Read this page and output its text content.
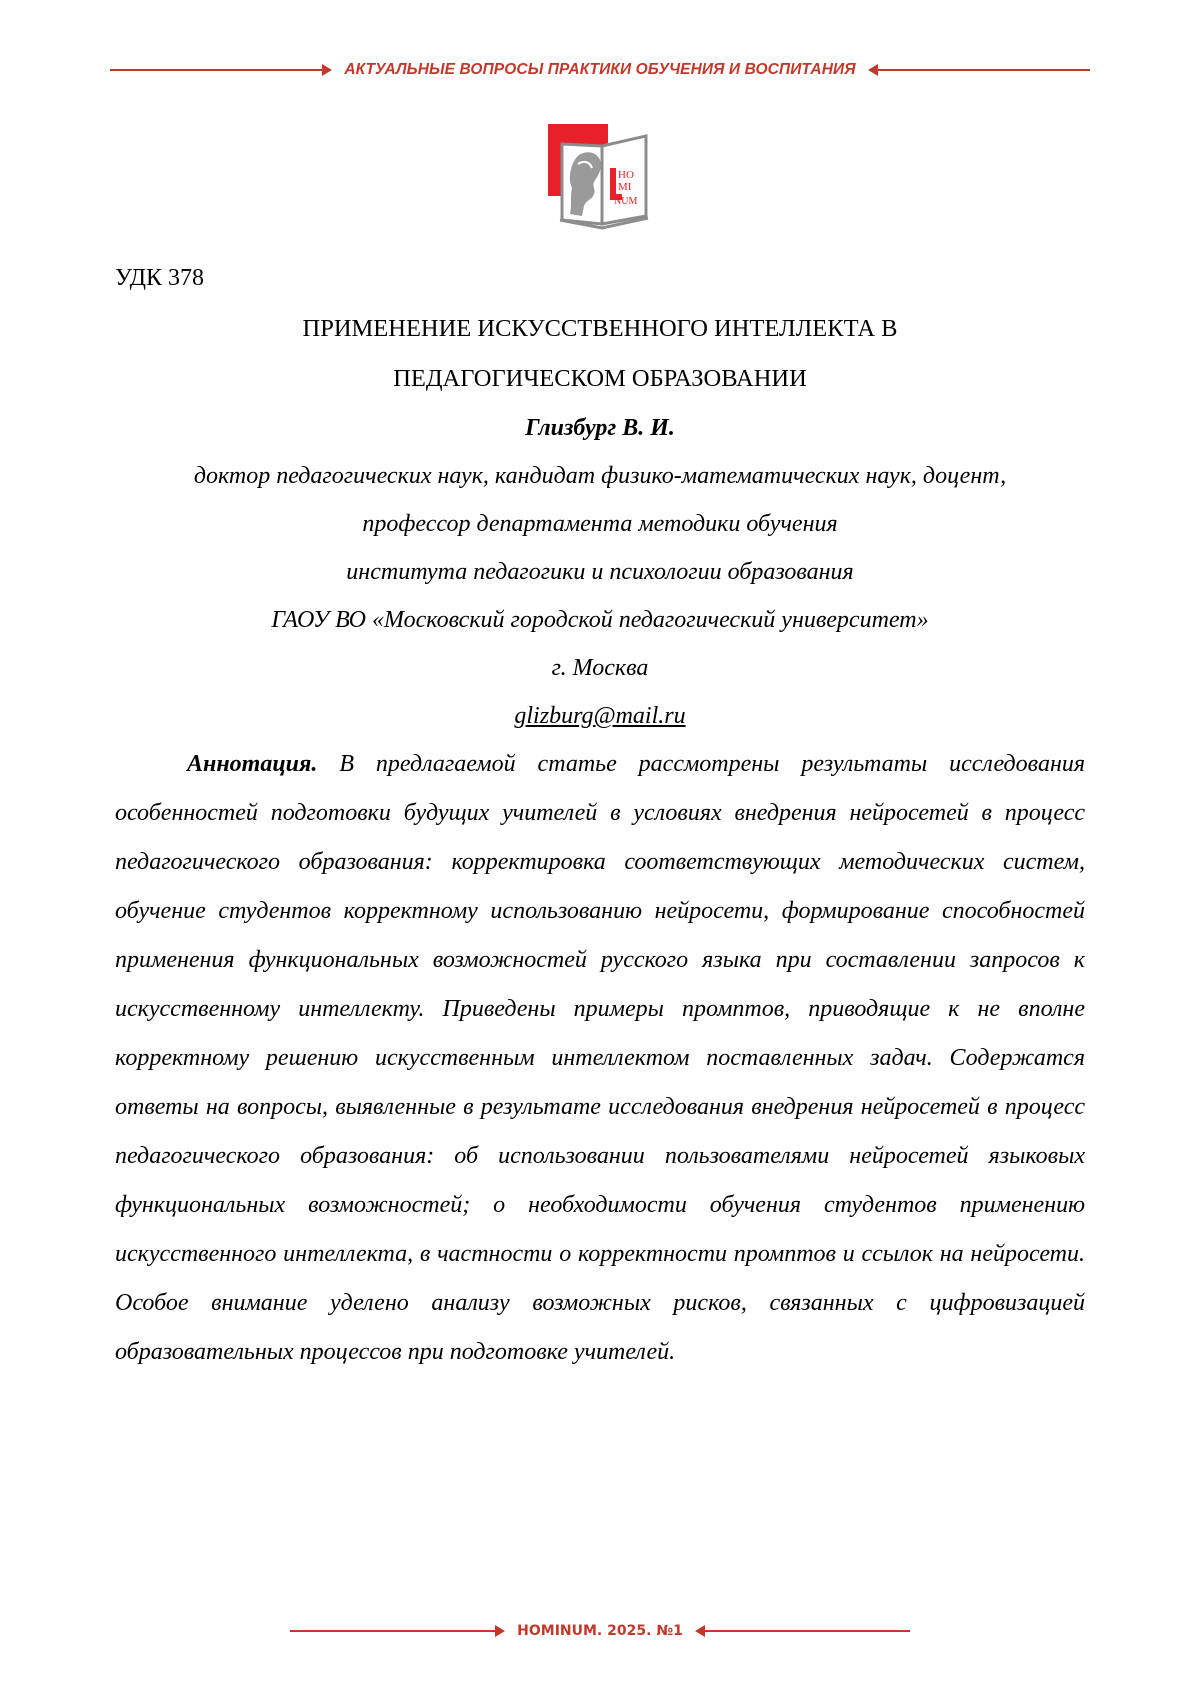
АКТУАЛЬНЫЕ ВОПРОСЫ ПРАКТИКИ ОБУЧЕНИЯ И ВОСПИТАНИЯ
HO
MI
NUM

УДК 378

ПРИМЕНЕНИЕ ИСКУССТВЕННОГО ИНТЕЛЛЕКТА В
ПЕДАГОГИЧЕСКОМ ОБРАЗОВАНИИ

Глизбург В. И.

доктор педагогических наук, кандидат физико-математических наук, доцент,
профессор департамента методики обучения
института педагогики и психологии образования
ГАОУ ВО «Московский городской педагогический университет»
г. Москва

glizburg@mail.ru

Аннотация. В предлагаемой статье рассмотрены результаты исследования особенностей подготовки будущих учителей в условиях внедрения нейросетей в процесс педагогического образования: корректировка соответствующих методических систем, обучение студентов корректному использованию нейросети, формирование способностей применения функциональных возможностей русского языка при составлении запросов к искусственному интеллекту. Приведены примеры промптов, приводящие к не вполне корректному решению искусственным интеллектом поставленных задач. Содержатся ответы на вопросы, выявленные в результате исследования внедрения нейросетей в процесс педагогического образования: об использовании пользователями нейросетей языковых функциональных возможностей; о необходимости обучения студентов применению искусственного интеллекта, в частности о корректности промптов и ссылок на нейросети. Особое внимание уделено анализу возможных рисков, связанных с цифровизацией образовательных процессов при подготовке учителей.

HOMINUM. 2025. №1
